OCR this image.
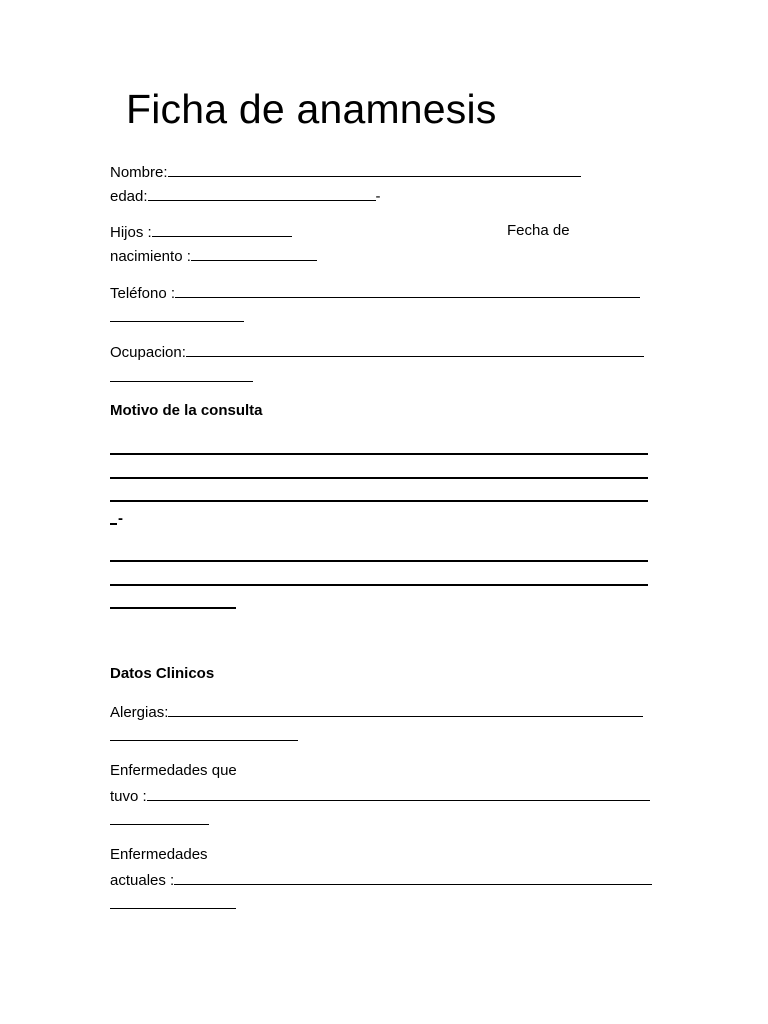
Ficha de anamnesis
Nombre:
edad:	-
Hijos :	Fecha de
nacimiento :
Teléfono :
Ocupacion:
Motivo de la consulta
-
Datos Clinicos
Alergias:
Enfermedades que
tuvo :
Enfermedades
actuales :
